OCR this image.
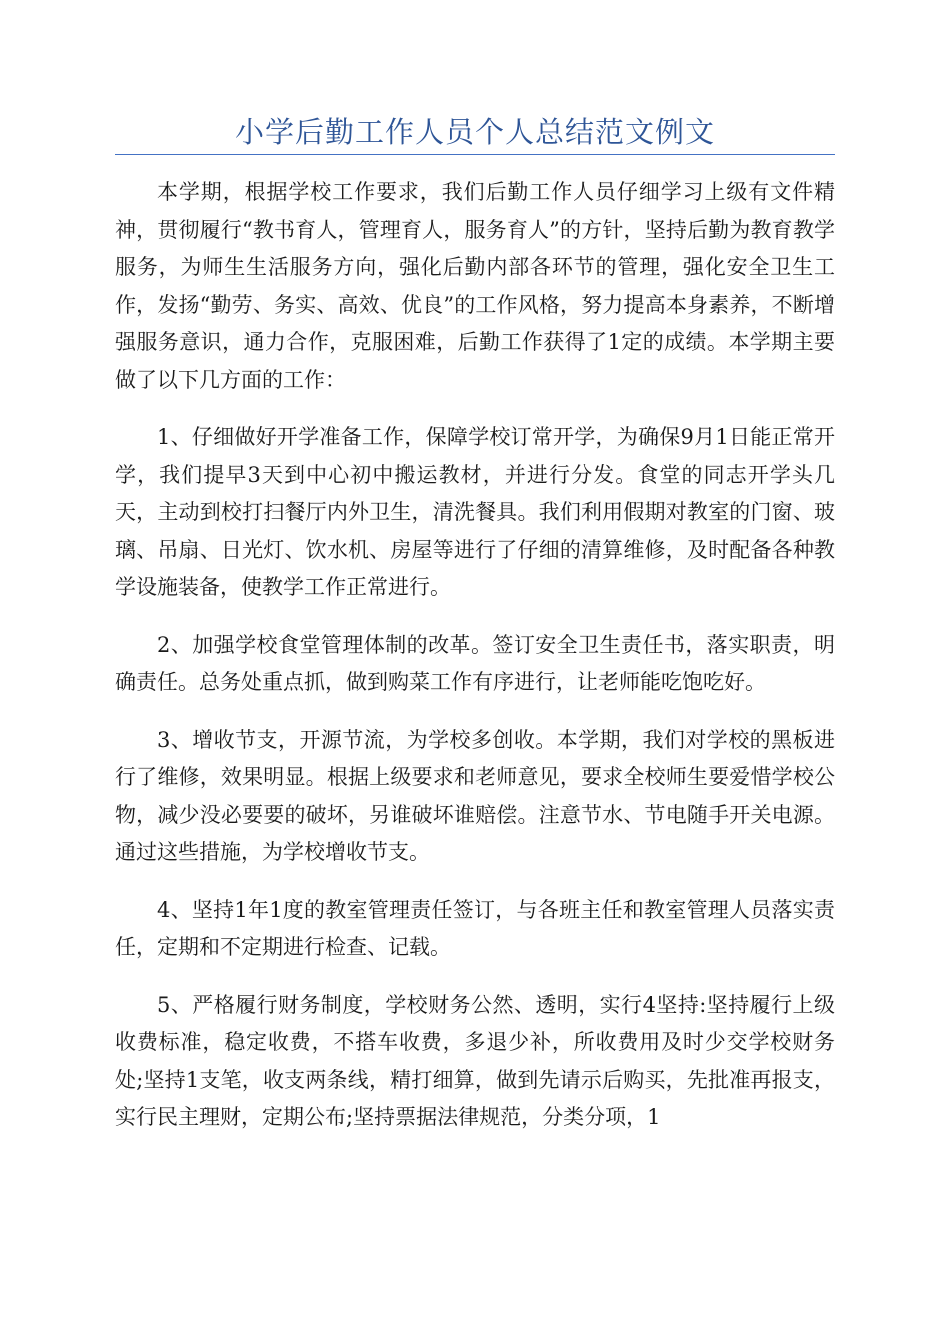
小学后勤工作人员个人总结范文例文

本学期，根据学校工作要求，我们后勤工作人员仔细学习上级有文件精神，贯彻履行“教书育人，管理育人，服务育人”的方针，坚持后勤为教育教学服务，为师生生活服务方向，强化后勤内部各环节的管理，强化安全卫生工作，发扬“勤劳、务实、高效、优良”的工作风格，努力提高本身素养，不断增强服务意识，通力合作，克服困难，后勤工作获得了1定的成绩。本学期主要做了以下几方面的工作：

1、仔细做好开学准备工作，保障学校订常开学，为确保9月1日能正常开学，我们提早3天到中心初中搬运教材，并进行分发。食堂的同志开学头几天，主动到校打扫餐厅内外卫生，清洗餐具。我们利用假期对教室的门窗、玻璃、吊扇、日光灯、饮水机、房屋等进行了仔细的清算维修，及时配备各种教学设施装备，使教学工作正常进行。

2、加强学校食堂管理体制的改革。签订安全卫生责任书，落实职责，明确责任。总务处重点抓，做到购菜工作有序进行，让老师能吃饱吃好。

3、增收节支，开源节流，为学校多创收。本学期，我们对学校的黑板进行了维修，效果明显。根据上级要求和老师意见，要求全校师生要爱惜学校公物，减少没必要要的破坏，另谁破坏谁赔偿。注意节水、节电随手开关电源。通过这些措施，为学校增收节支。

4、坚持1年1度的教室管理责任签订，与各班主任和教室管理人员落实责任，定期和不定期进行检查、记载。

5、严格履行财务制度，学校财务公然、透明，实行4坚持:坚持履行上级收费标准，稳定收费，不搭车收费，多退少补，所收费用及时少交学校财务处;坚持1支笔，收支两条线，精打细算，做到先请示后购买，先批准再报支，实行民主理财，定期公布;坚持票据法律规范，分类分项，1
